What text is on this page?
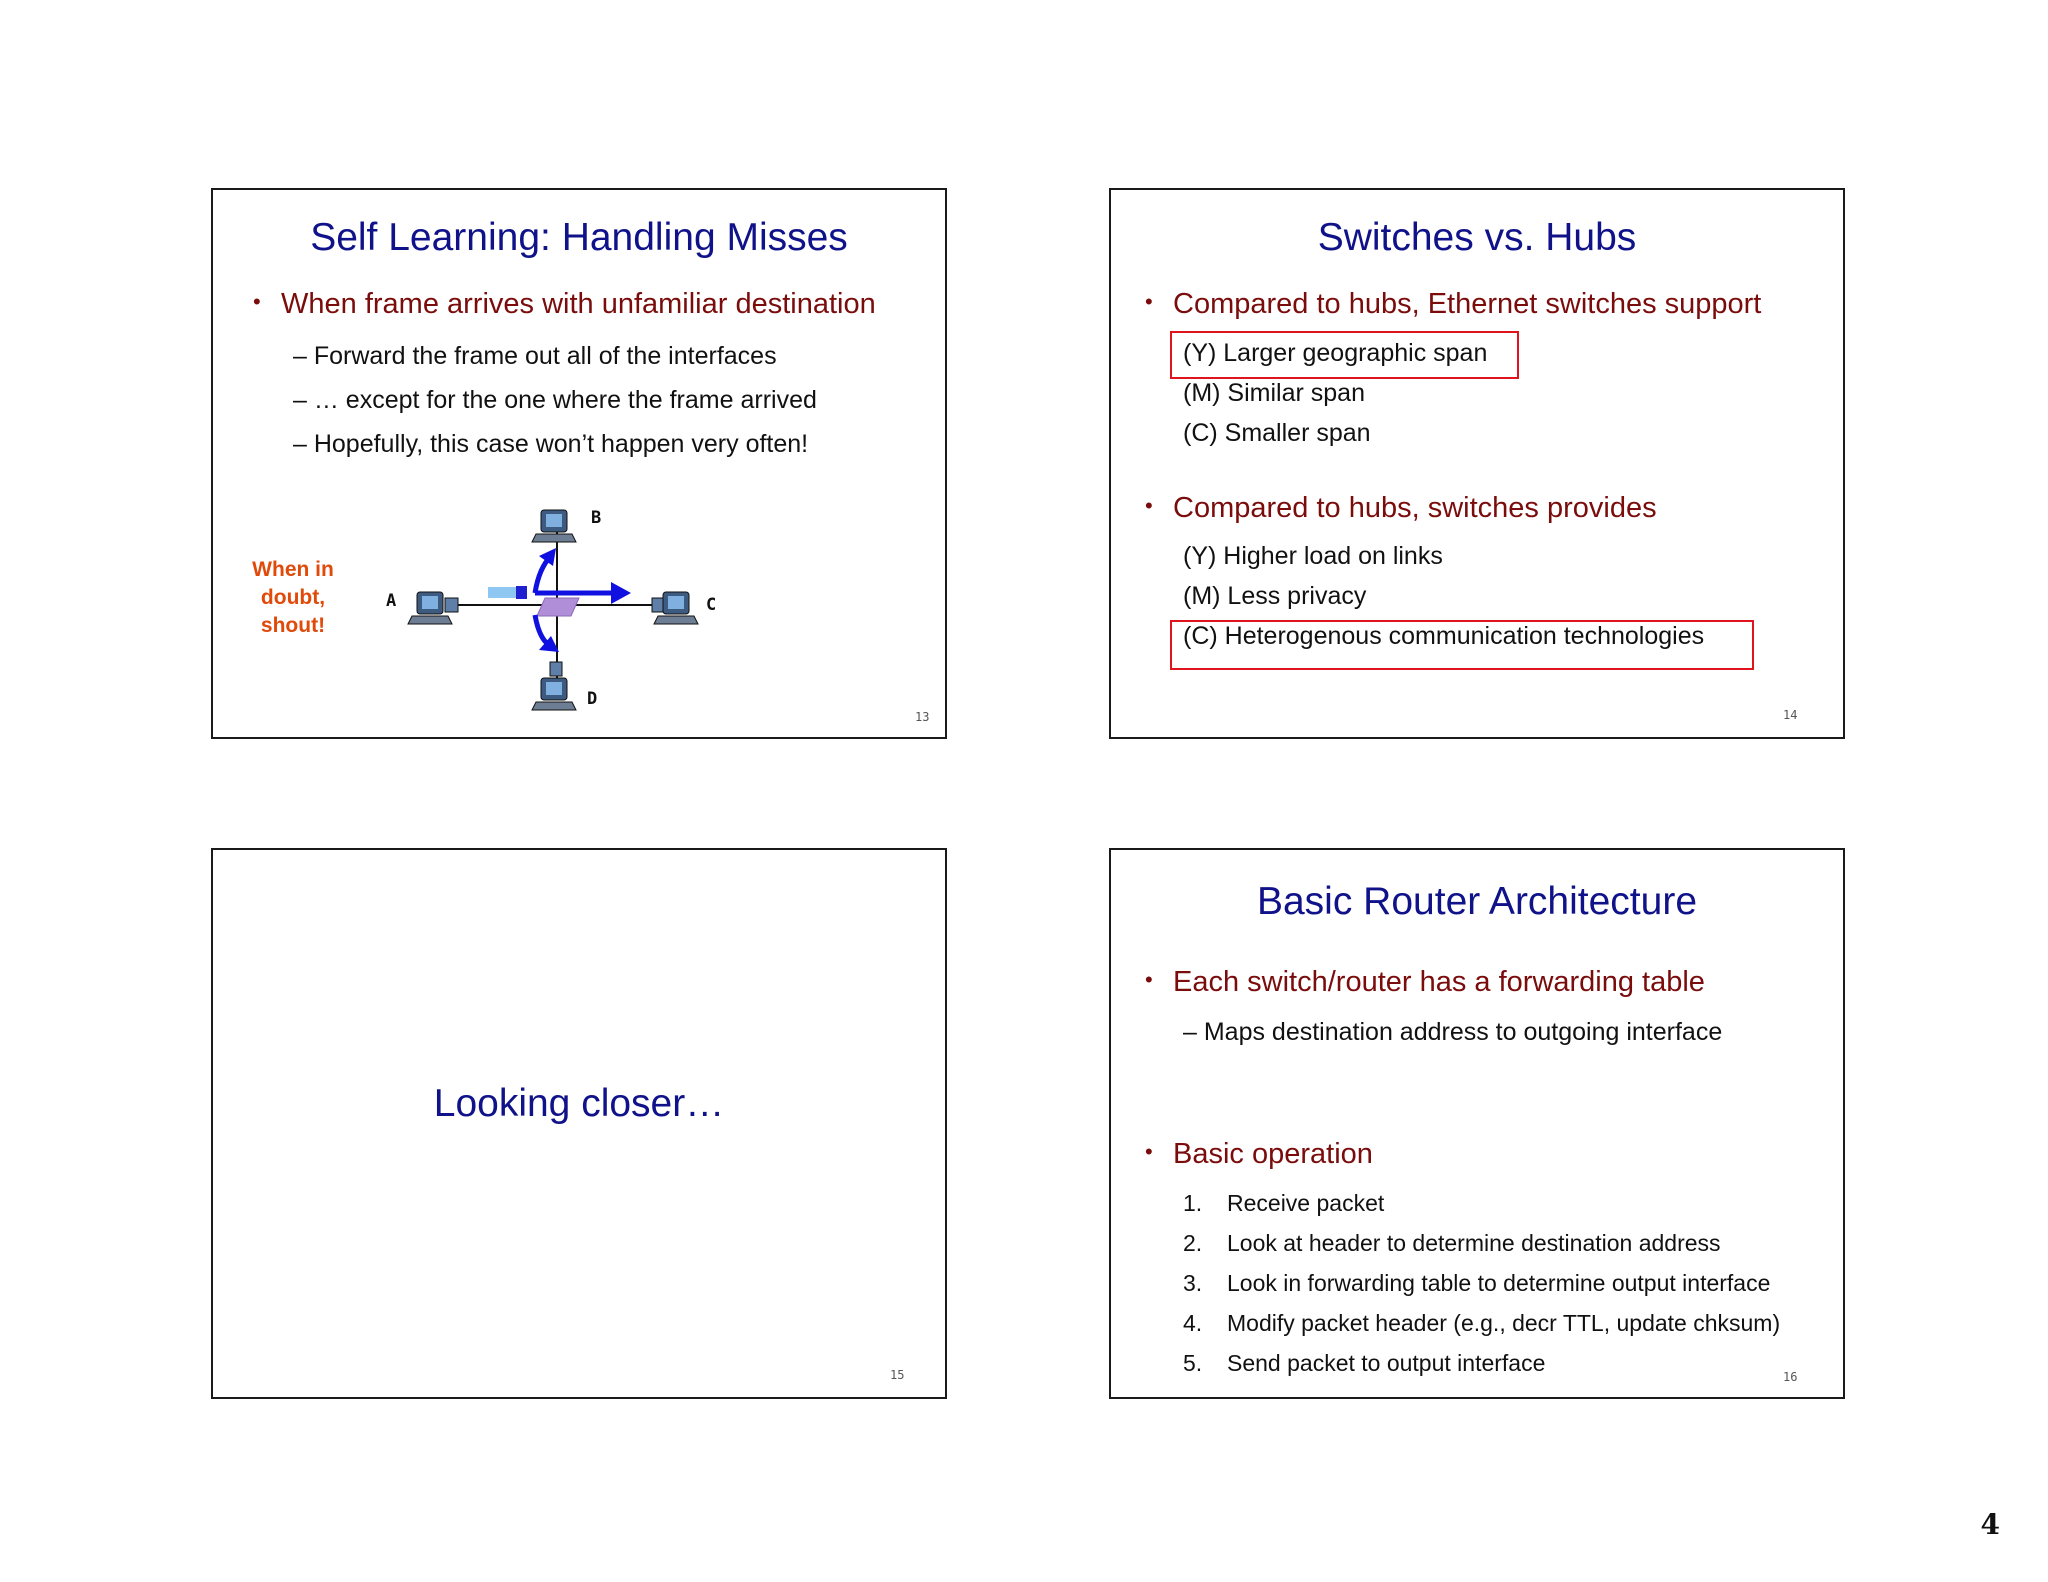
Self Learning: Handling Misses
• When frame arrives with unfamiliar destination
– Forward the frame out all of the interfaces
– … except for the one where the frame arrived
– Hopefully, this case won’t happen very often!
When in
doubt,
shout!
A
B
C
D
13
Switches vs. Hubs
• Compared to hubs, Ethernet switches support
(Y) Larger geographic span
(M) Similar span
(C) Smaller span
• Compared to hubs, switches provides
(Y) Higher load on links
(M) Less privacy
(C) Heterogenous communication technologies
14
Looking closer…
15
Basic Router Architecture
• Each switch/router has a forwarding table
– Maps destination address to outgoing interface
• Basic operation
1. Receive packet
2. Look at header to determine destination address
3. Look in forwarding table to determine output interface
4. Modify packet header (e.g., decr TTL, update chksum)
5. Send packet to output interface
16
4
